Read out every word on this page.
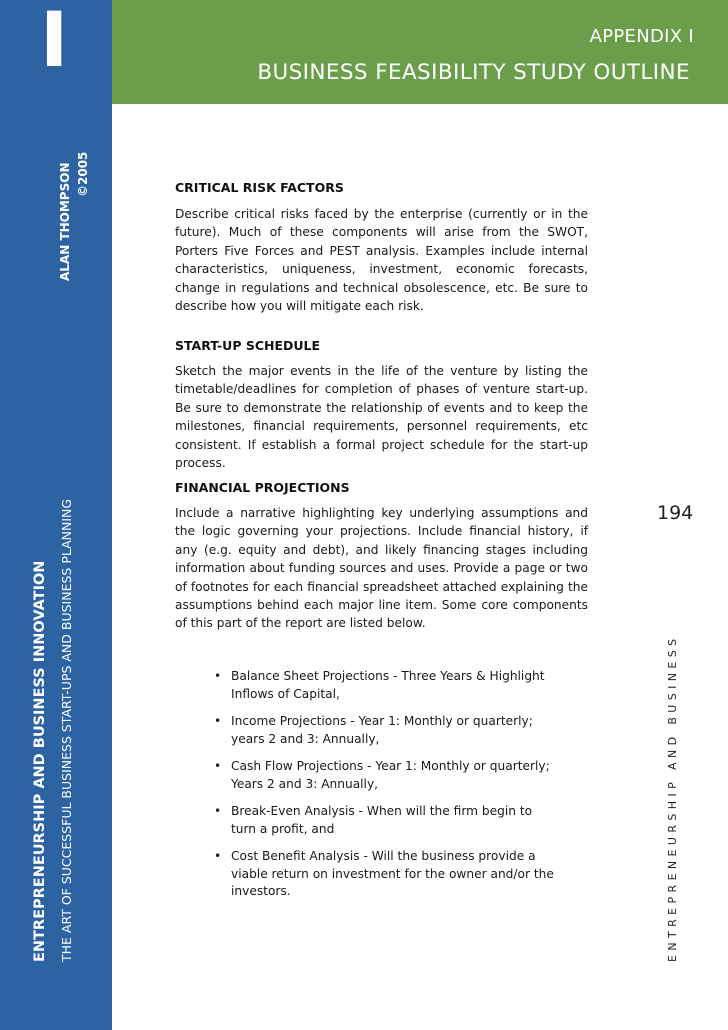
I	APPENDIX I
BUSINESS FEASIBILITY STUDY OUTLINE
ENTREPRENEURSHIP AND BUSINESS INNOVATION THE ART OF SUCCESSFUL BUSINESS START-UPS AND BUSINESS PLANNING
ALAN THOMPSON ©2005
194
ENTREPRENEURSHIP AND BUSINESS
CRITICAL RISK FACTORS

Describe critical risks faced by the enterprise (currently or in the future). Much of these components will arise from the SWOT, Porters Five Forces and PEST analysis. Examples include internal characteristics, uniqueness, investment, economic forecasts, change in regulations and technical obsolescence, etc. Be sure to describe how you will mitigate each risk.

START-UP SCHEDULE

Sketch the major events in the life of the venture by listing the timetable/deadlines for completion of phases of venture start-up. Be sure to demonstrate the relationship of events and to keep the milestones, financial requirements, personnel requirements, etc consistent. If establish a formal project schedule for the start-up process.

FINANCIAL PROJECTIONS

Include a narrative highlighting key underlying assumptions and the logic governing your projections. Include financial history, if any (e.g. equity and debt), and likely financing stages including information about funding sources and uses. Provide a page or two of footnotes for each financial spreadsheet attached explaining the assumptions behind each major line item. Some core components of this part of the report are listed below.

• Balance Sheet Projections - Three Years & Highlight Inflows of Capital,
• Income Projections - Year 1: Monthly or quarterly; years 2 and 3: Annually,
• Cash Flow Projections - Year 1: Monthly or quarterly; Years 2 and 3: Annually,
• Break-Even Analysis - When will the firm begin to turn a profit, and
• Cost Benefit Analysis - Will the business provide a viable return on investment for the owner and/or the investors.
